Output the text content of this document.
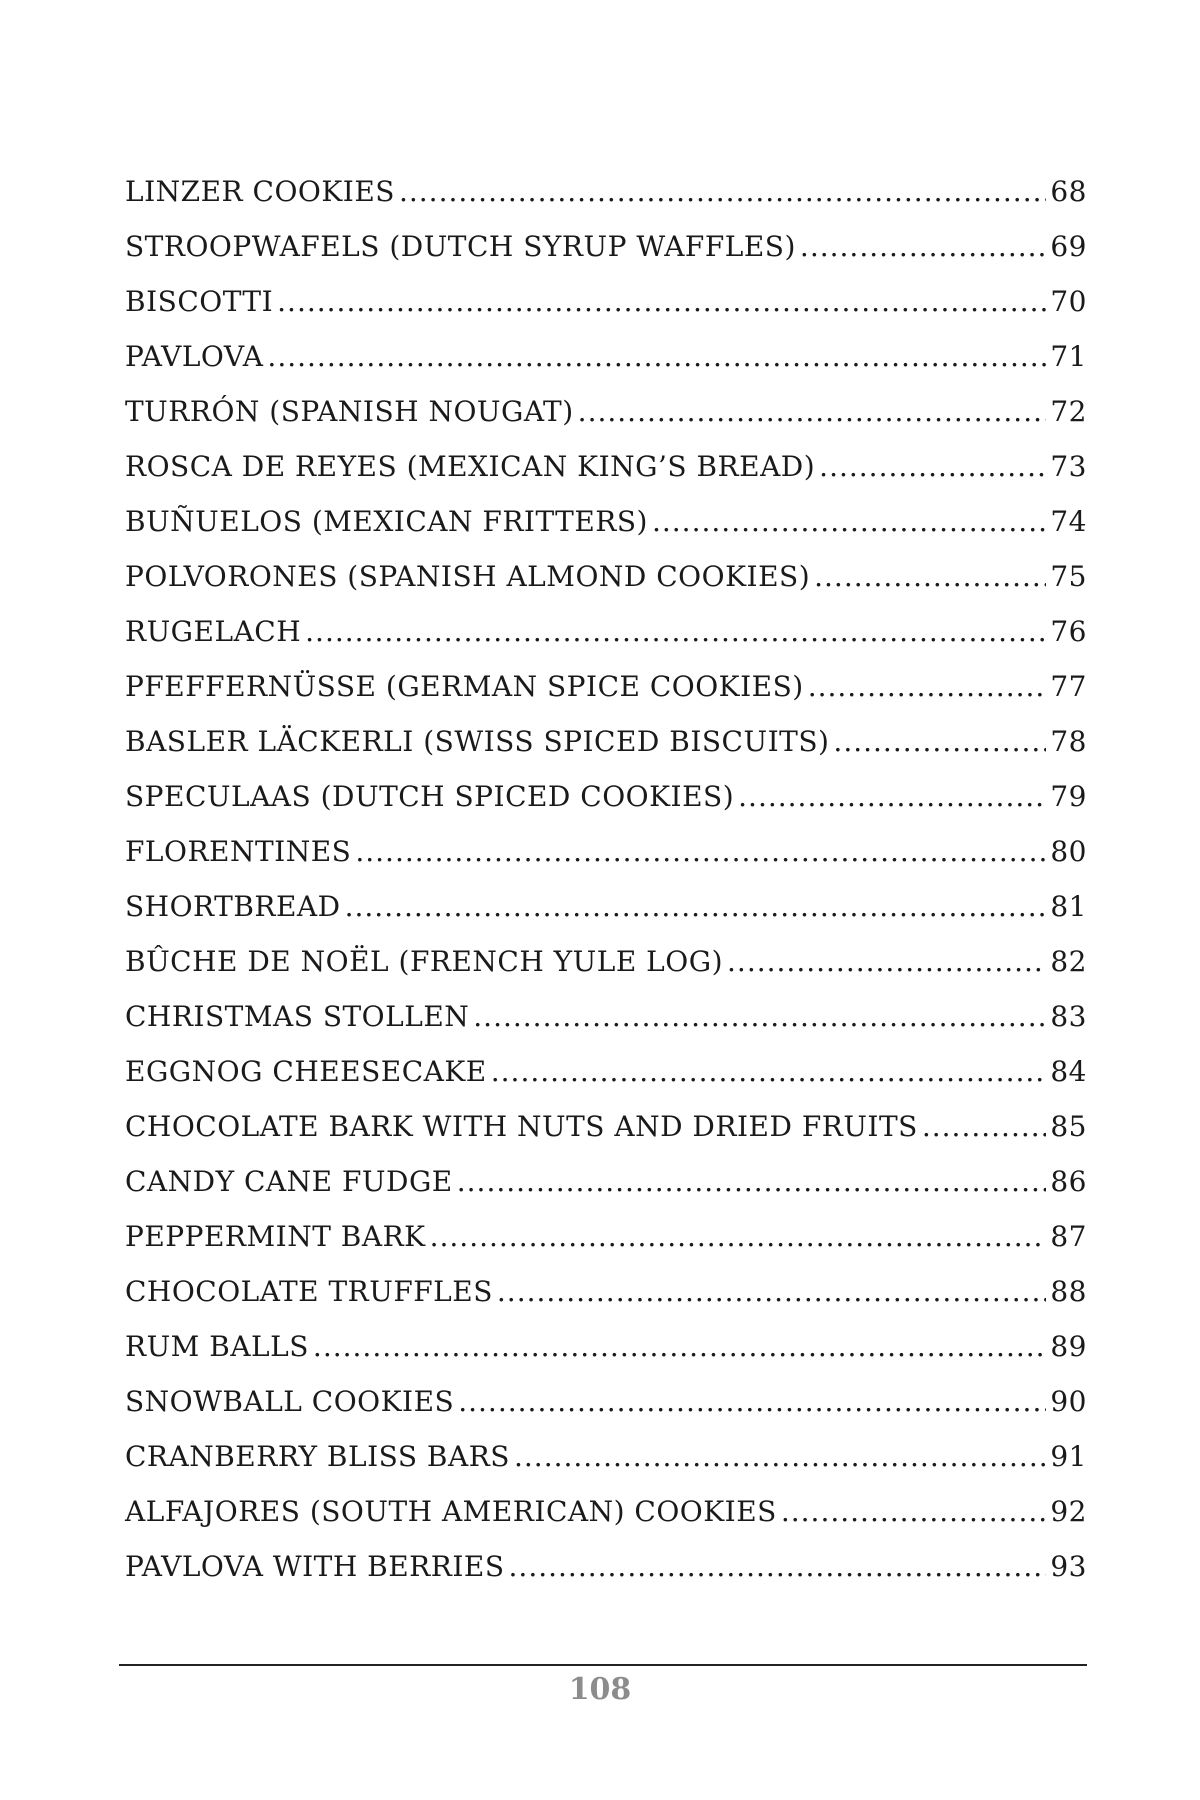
LINZER COOKIES .....	68
STROOPWAFELS (DUTCH SYRUP WAFFLES) .....	69
BISCOTTI .....	70
PAVLOVA .....	71
TURRÓN (SPANISH NOUGAT) .....	72
ROSCA DE REYES (MEXICAN KING’S BREAD) .....	73
BUÑUELOS (MEXICAN FRITTERS) .....	74
POLVORONES (SPANISH ALMOND COOKIES) .....	75
RUGELACH .....	76
PFEFFERNÜSSE (GERMAN SPICE COOKIES) .....	77
BASLER LÄCKERLI (SWISS SPICED BISCUITS) .....	78
SPECULAAS (DUTCH SPICED COOKIES) .....	79
FLORENTINES .....	80
SHORTBREAD .....	81
BÛCHE DE NOËL (FRENCH YULE LOG) .....	82
CHRISTMAS STOLLEN .....	83
EGGNOG CHEESECAKE .....	84
CHOCOLATE BARK WITH NUTS AND DRIED FRUITS .....	85
CANDY CANE FUDGE .....	86
PEPPERMINT BARK .....	87
CHOCOLATE TRUFFLES .....	88
RUM BALLS .....	89
SNOWBALL COOKIES .....	90
CRANBERRY BLISS BARS .....	91
ALFAJORES (SOUTH AMERICAN) COOKIES .....	92
PAVLOVA WITH BERRIES .....	93
108
